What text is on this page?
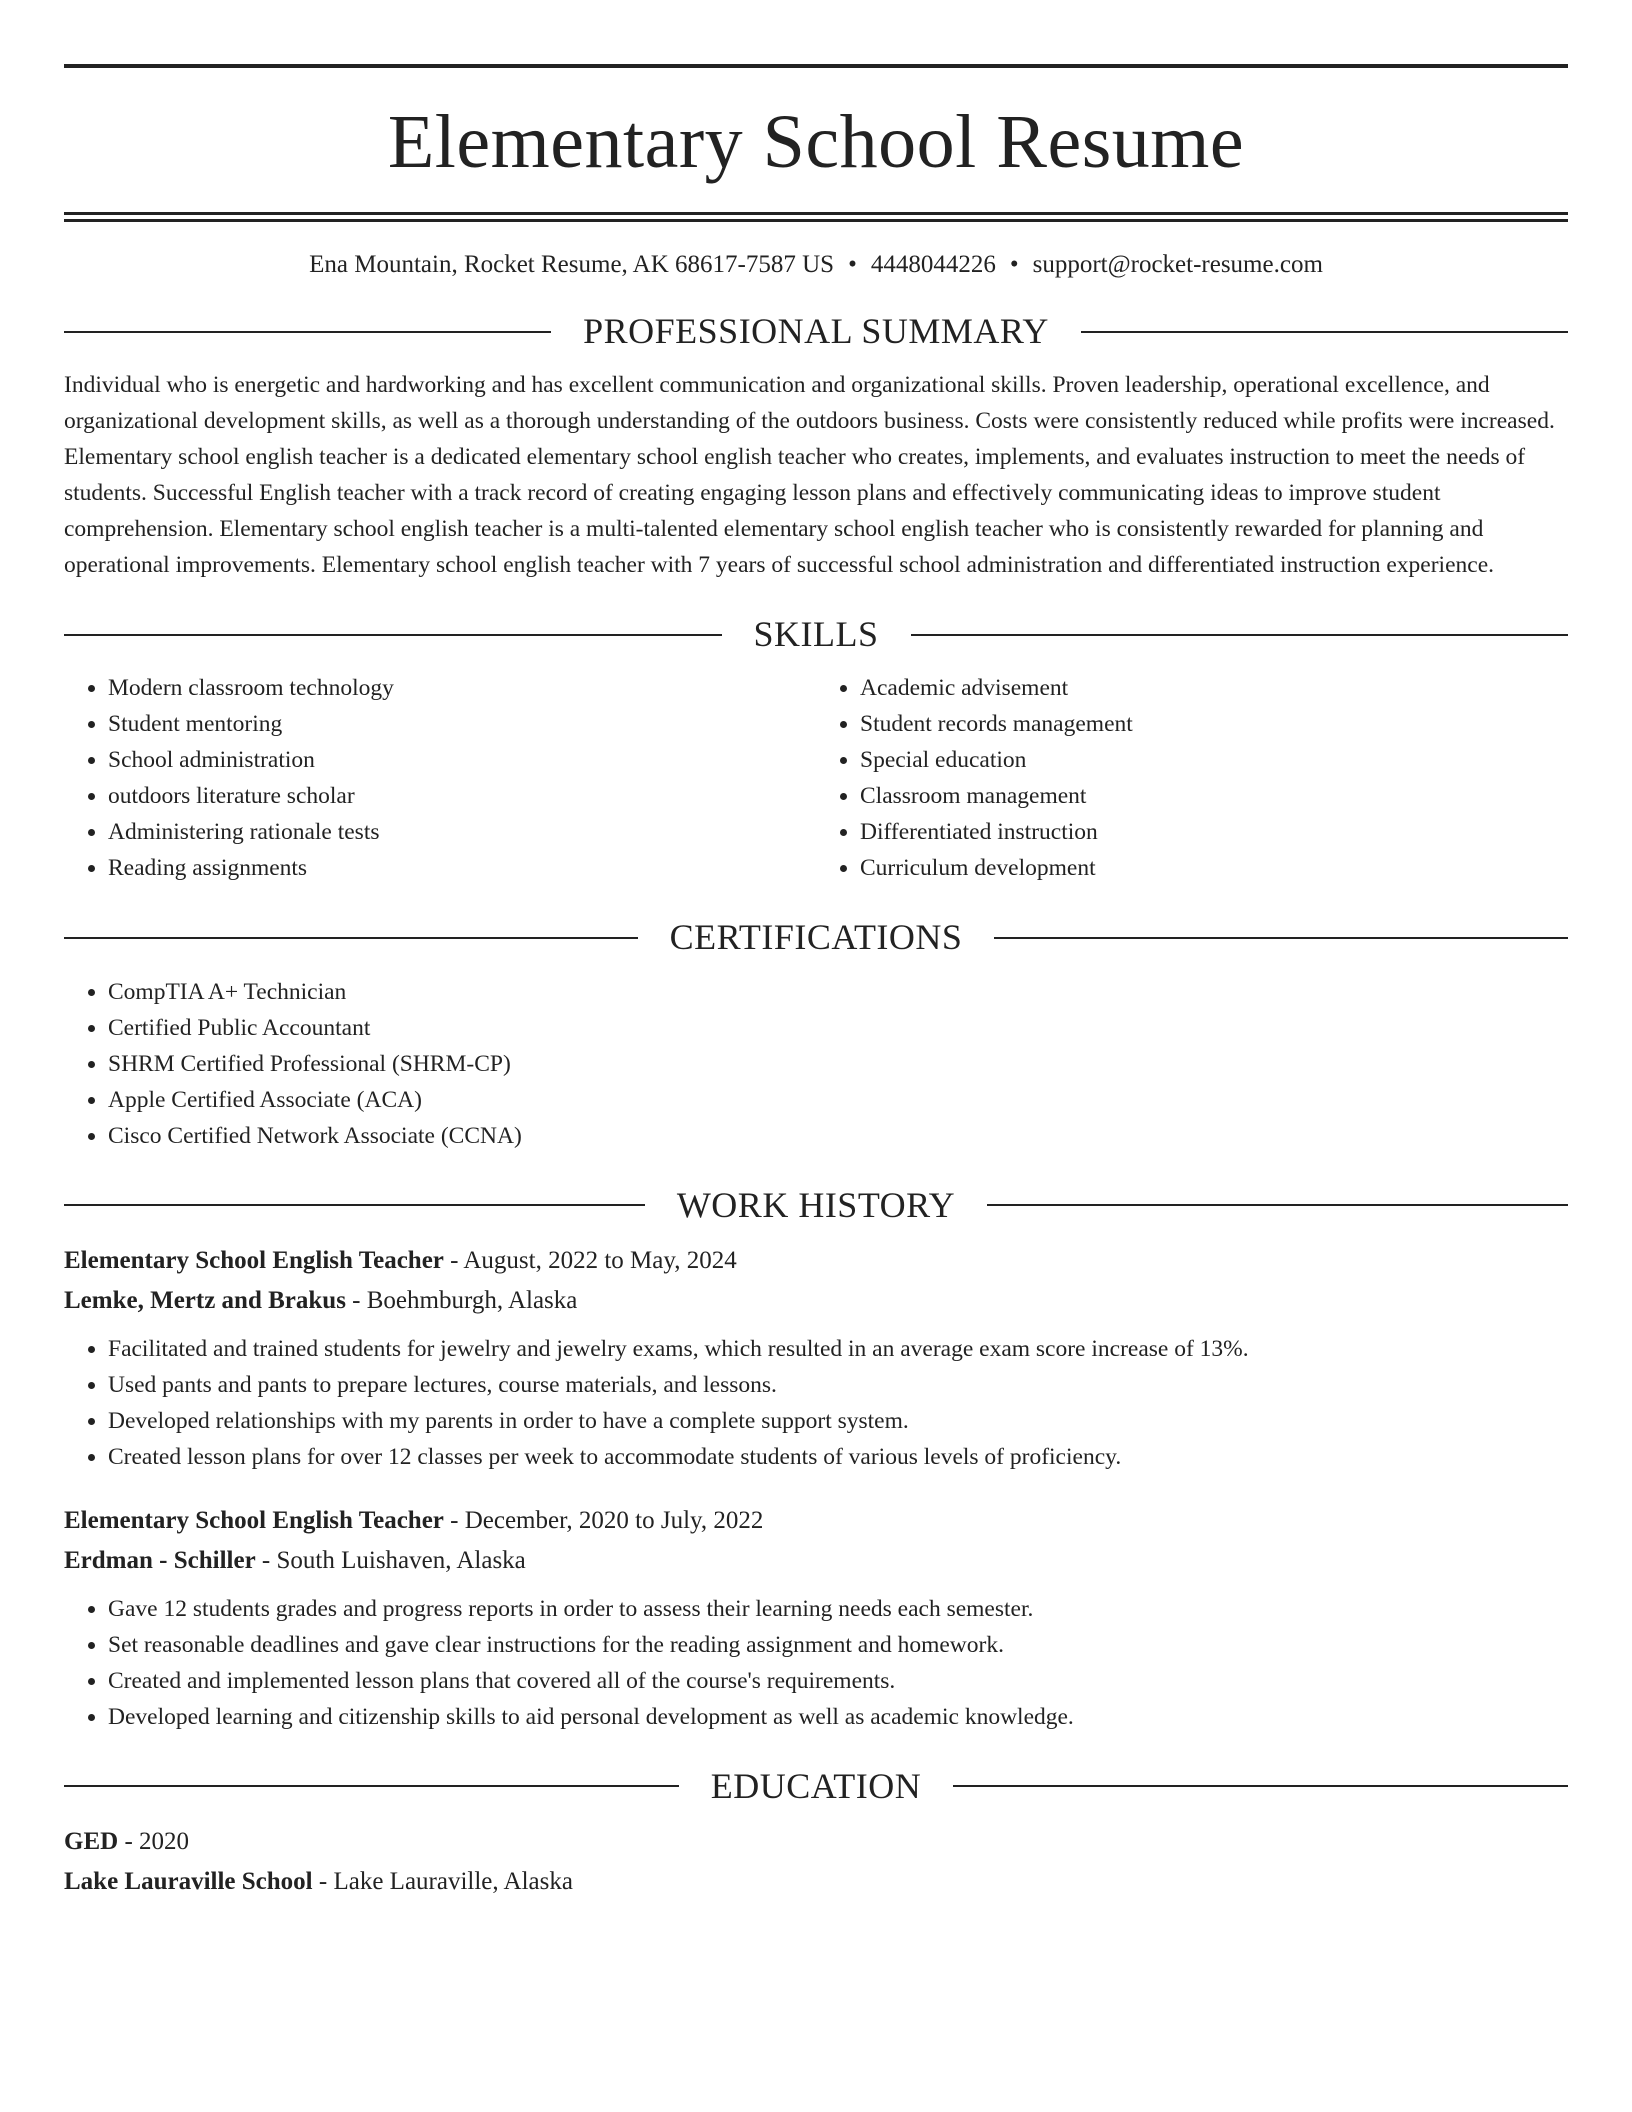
Elementary School Resume
Ena Mountain, Rocket Resume, AK 68617-7587 US • 4448044226 • support@rocket-resume.com
PROFESSIONAL SUMMARY

Individual who is energetic and hardworking and has excellent communication and organizational skills. Proven leadership, operational excellence, and organizational development skills, as well as a thorough understanding of the outdoors business. Costs were consistently reduced while profits were increased. Elementary school english teacher is a dedicated elementary school english teacher who creates, implements, and evaluates instruction to meet the needs of students. Successful English teacher with a track record of creating engaging lesson plans and effectively communicating ideas to improve student comprehension. Elementary school english teacher is a multi-talented elementary school english teacher who is consistently rewarded for planning and operational improvements. Elementary school english teacher with 7 years of successful school administration and differentiated instruction experience.

SKILLS
• Modern classroom technology
• Student mentoring
• School administration
• outdoors literature scholar
• Administering rationale tests
• Reading assignments
• Academic advisement
• Student records management
• Special education
• Classroom management
• Differentiated instruction
• Curriculum development
CERTIFICATIONS
• CompTIA A+ Technician
• Certified Public Accountant
• SHRM Certified Professional (SHRM-CP)
• Apple Certified Associate (ACA)
• Cisco Certified Network Associate (CCNA)
WORK HISTORY
Elementary School English Teacher - August, 2022 to May, 2024
Lemke, Mertz and Brakus - Boehmburgh, Alaska
• Facilitated and trained students for jewelry and jewelry exams, which resulted in an average exam score increase of 13%.
• Used pants and pants to prepare lectures, course materials, and lessons.
• Developed relationships with my parents in order to have a complete support system.
• Created lesson plans for over 12 classes per week to accommodate students of various levels of proficiency.
Elementary School English Teacher - December, 2020 to July, 2022
Erdman - Schiller - South Luishaven, Alaska
• Gave 12 students grades and progress reports in order to assess their learning needs each semester.
• Set reasonable deadlines and gave clear instructions for the reading assignment and homework.
• Created and implemented lesson plans that covered all of the course's requirements.
• Developed learning and citizenship skills to aid personal development as well as academic knowledge.
EDUCATION
GED - 2020
Lake Lauraville School - Lake Lauraville, Alaska
